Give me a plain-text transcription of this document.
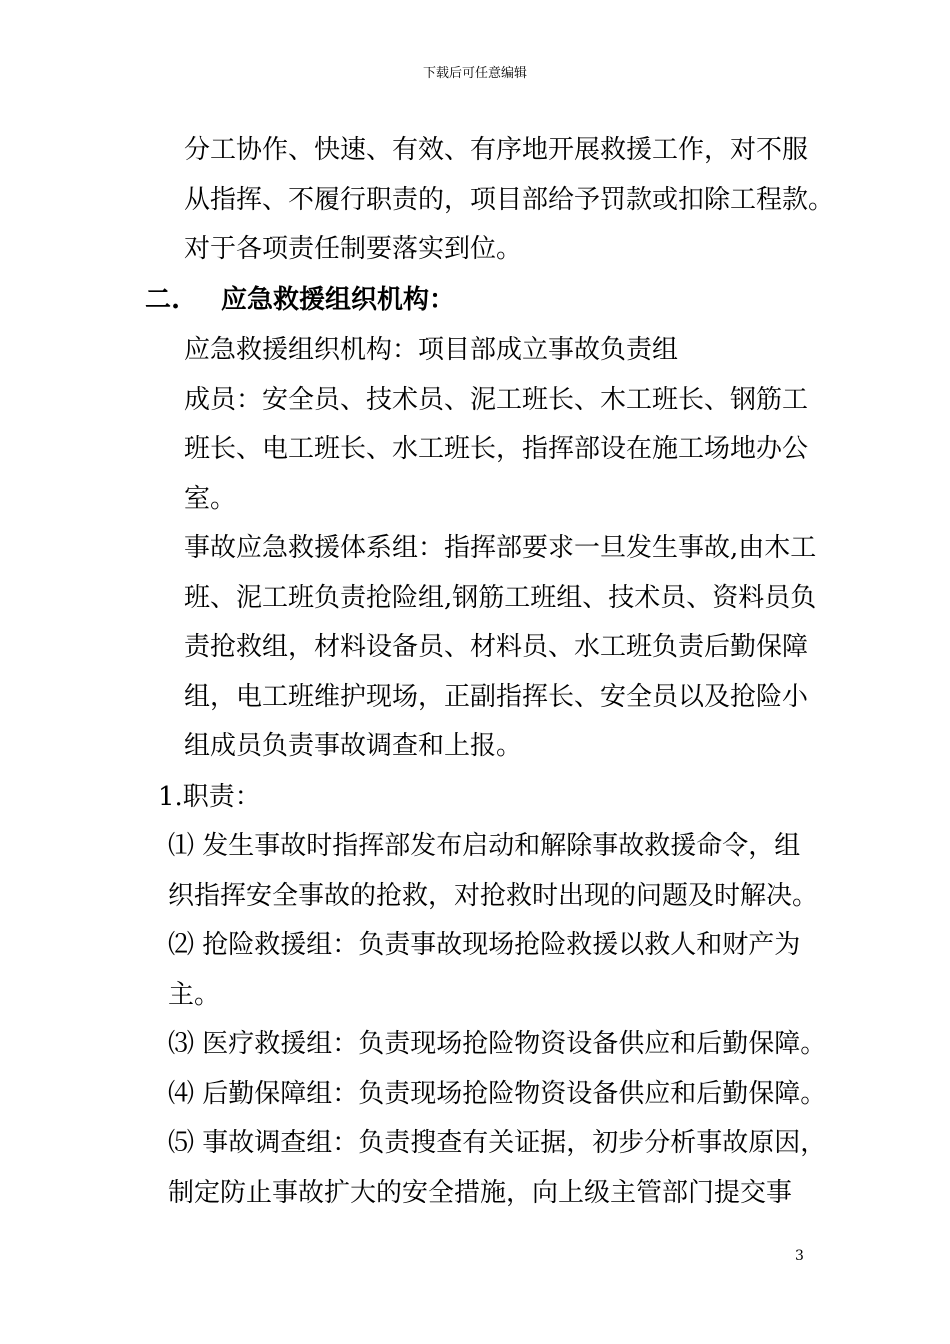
下载后可任意编辑
分工协作、快速、有效、有序地开展救援工作，对不服
从指挥、不履行职责的，项目部给予罚款或扣除工程款。
对于各项责任制要落实到位。
二. 应急救援组织机构：
应急救援组织机构：项目部成立事故负责组
成员：安全员、技术员、泥工班长、木工班长、钢筋工
班长、电工班长、水工班长，指挥部设在施工场地办公
室。
事故应急救援体系组：指挥部要求一旦发生事故,由木工
班、泥工班负责抢险组,钢筋工班组、技术员、资料员负
责抢救组，材料设备员、材料员、水工班负责后勤保障
组，电工班维护现场，正副指挥长、安全员以及抢险小
组成员负责事故调查和上报。
1.职责：
⑴ 发生事故时指挥部发布启动和解除事故救援命令，组
织指挥安全事故的抢救，对抢救时出现的问题及时解决。
⑵ 抢险救援组：负责事故现场抢险救援以救人和财产为
主。
⑶ 医疗救援组：负责现场抢险物资设备供应和后勤保障。
⑷ 后勤保障组：负责现场抢险物资设备供应和后勤保障。
⑸ 事故调查组：负责搜查有关证据，初步分析事故原因，
制定防止事故扩大的安全措施，向上级主管部门提交事
3
